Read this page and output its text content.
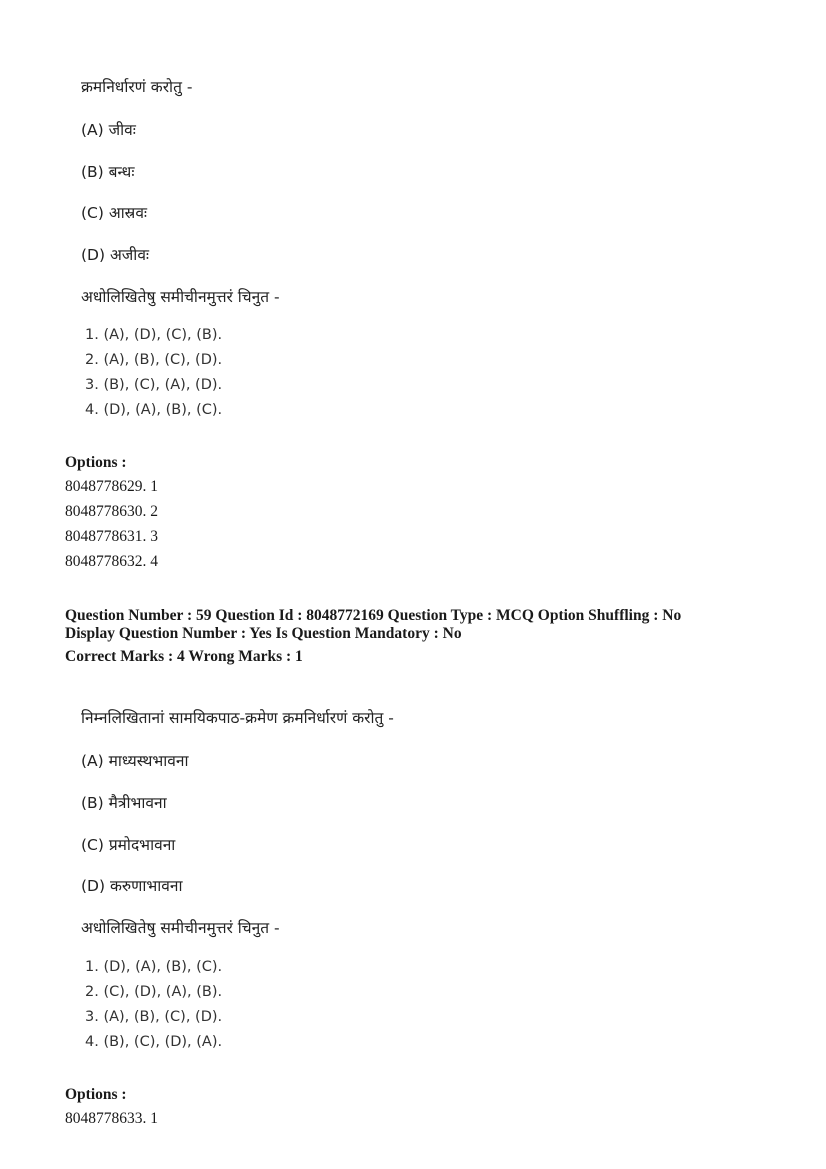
क्रमनिर्धारणं करोतु -
(A) जीवः
(B) बन्धः
(C) आस्रवः
(D) अजीवः
अधोलिखितेषु समीचीनमुत्तरं चिनुत -
1. (A), (D), (C), (B).
2. (A), (B), (C), (D).
3. (B), (C), (A), (D).
4. (D), (A), (B), (C).
Options :
8048778629. 1
8048778630. 2
8048778631. 3
8048778632. 4
Question Number : 59 Question Id : 8048772169 Question Type : MCQ Option Shuffling : No
Display Question Number : Yes Is Question Mandatory : No
Correct Marks : 4 Wrong Marks : 1
निम्नलिखितानां सामयिकपाठ-क्रमेण क्रमनिर्धारणं करोतु -
(A) माध्यस्थभावना
(B) मैत्रीभावना
(C) प्रमोदभावना
(D) करुणाभावना
अधोलिखितेषु समीचीनमुत्तरं चिनुत -
1. (D), (A), (B), (C).
2. (C), (D), (A), (B).
3. (A), (B), (C), (D).
4. (B), (C), (D), (A).
Options :
8048778633. 1
